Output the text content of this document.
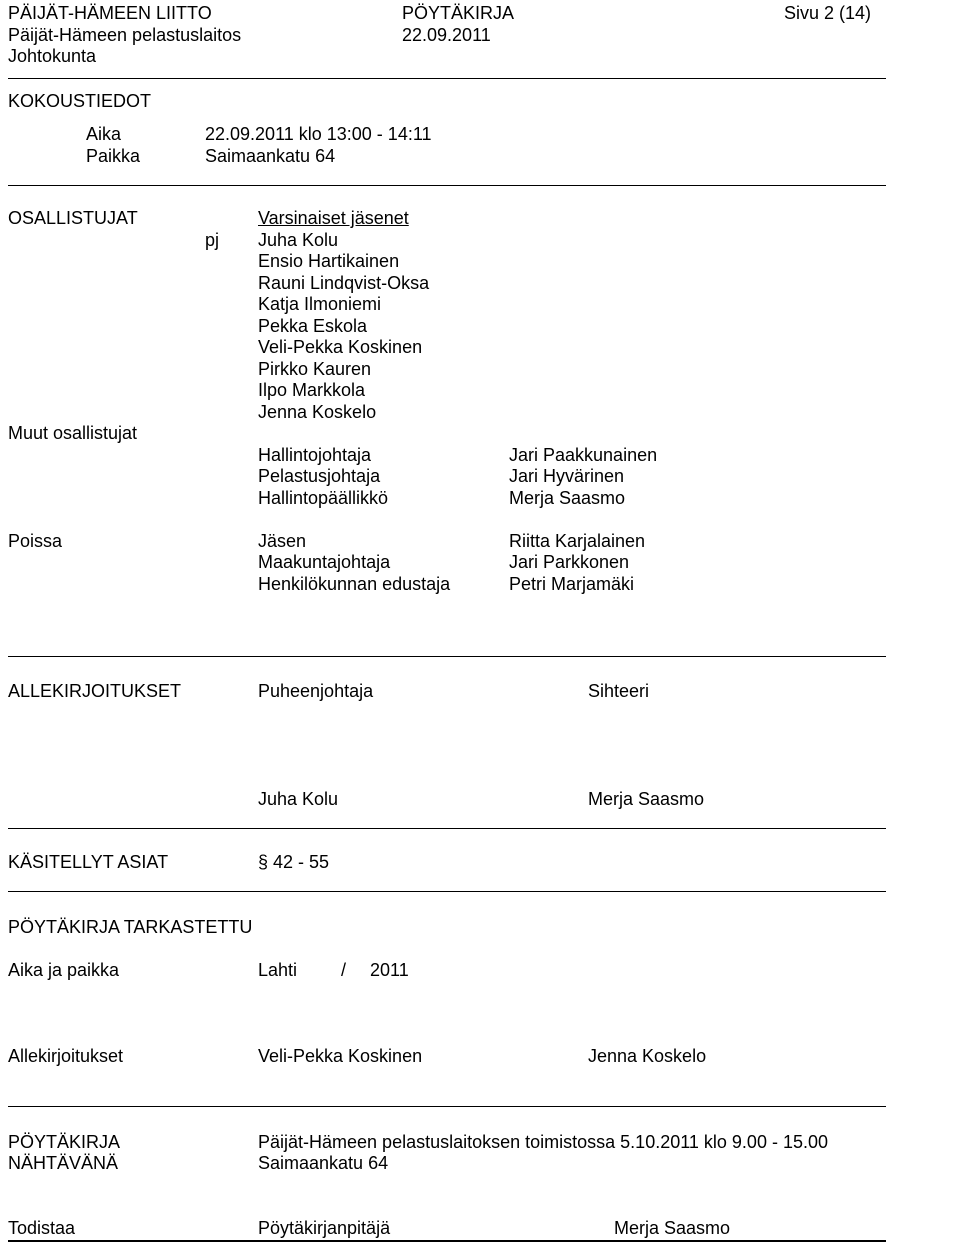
PÄIJÄT-HÄMEEN LIITTO	PÖYTÄKIRJA	Sivu 2 (14)
Päijät-Hämeen pelastuslaitos	22.09.2011
Johtokunta
KOKOUSTIEDOT
Aika	22.09.2011 klo 13:00 - 14:11
Paikka	Saimaankatu 64
OSALLISTUJAT	Varsinaiset jäsenet
pj Juha Kolu
Ensio Hartikainen
Rauni Lindqvist-Oksa
Katja Ilmoniemi
Pekka Eskola
Veli-Pekka Koskinen
Pirkko Kauren
Ilpo Markkola
Jenna Koskelo
Muut osallistujat
Hallintojohtaja	Jari Paakkunainen
Pelastusjohtaja	Jari Hyvärinen
Hallintopäällikkö	Merja Saasmo
Poissa	Jäsen	Riitta Karjalainen
Maakuntajohtaja	Jari Parkkonen
Henkilökunnan edustaja	Petri Marjamäki
ALLEKIRJOITUKSET	Puheenjohtaja	Sihteeri
Juha Kolu	Merja Saasmo
KÄSITELLYT ASIAT	§ 42 - 55
PÖYTÄKIRJA TARKASTETTU
Aika ja paikka	Lahti / 2011
Allekirjoitukset	Veli-Pekka Koskinen	Jenna Koskelo
PÖYTÄKIRJA	Päijät-Hämeen pelastuslaitoksen toimistossa 5.10.2011 klo 9.00 - 15.00
NÄHTÄVÄNÄ	Saimaankatu 64
Todistaa	Pöytäkirjanpitäjä	Merja Saasmo
